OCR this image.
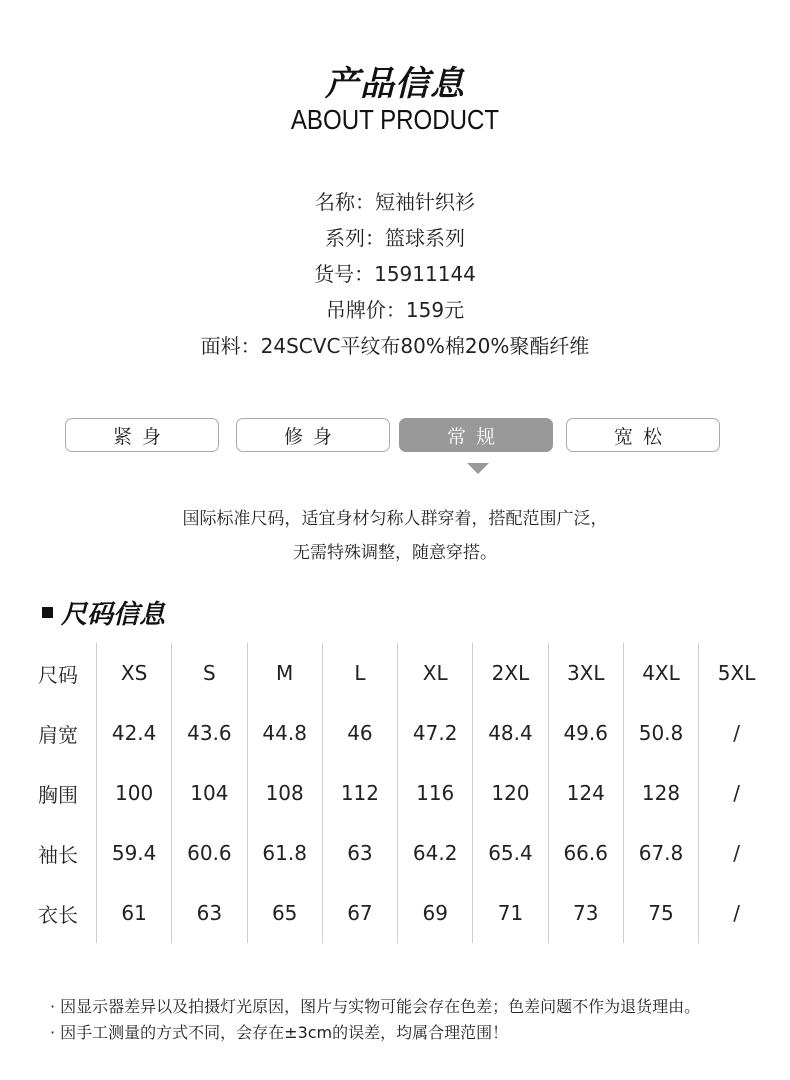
产品信息
ABOUT PRODUCT
名称：短袖针织衫
系列：篮球系列
货号：15911144
吊牌价：159元
面料：24SCVC平纹布80%棉20%聚酯纤维
紧身	修身	常规	宽松
国际标准尺码，适宜身材匀称人群穿着，搭配范围广泛，
无需特殊调整，随意穿搭。
尺码信息
尺码	XS	S	M	L	XL	2XL	3XL	4XL	5XL
肩宽	42.4	43.6	44.8	46	47.2	48.4	49.6	50.8	/
胸围	100	104	108	112	116	120	124	128	/
袖长	59.4	60.6	61.8	63	64.2	65.4	66.6	67.8	/
衣长	61	63	65	67	69	71	73	75	/
· 因显示器差异以及拍摄灯光原因，图片与实物可能会存在色差；色差问题不作为退货理由。
· 因手工测量的方式不同，会存在±3cm的误差，均属合理范围！
